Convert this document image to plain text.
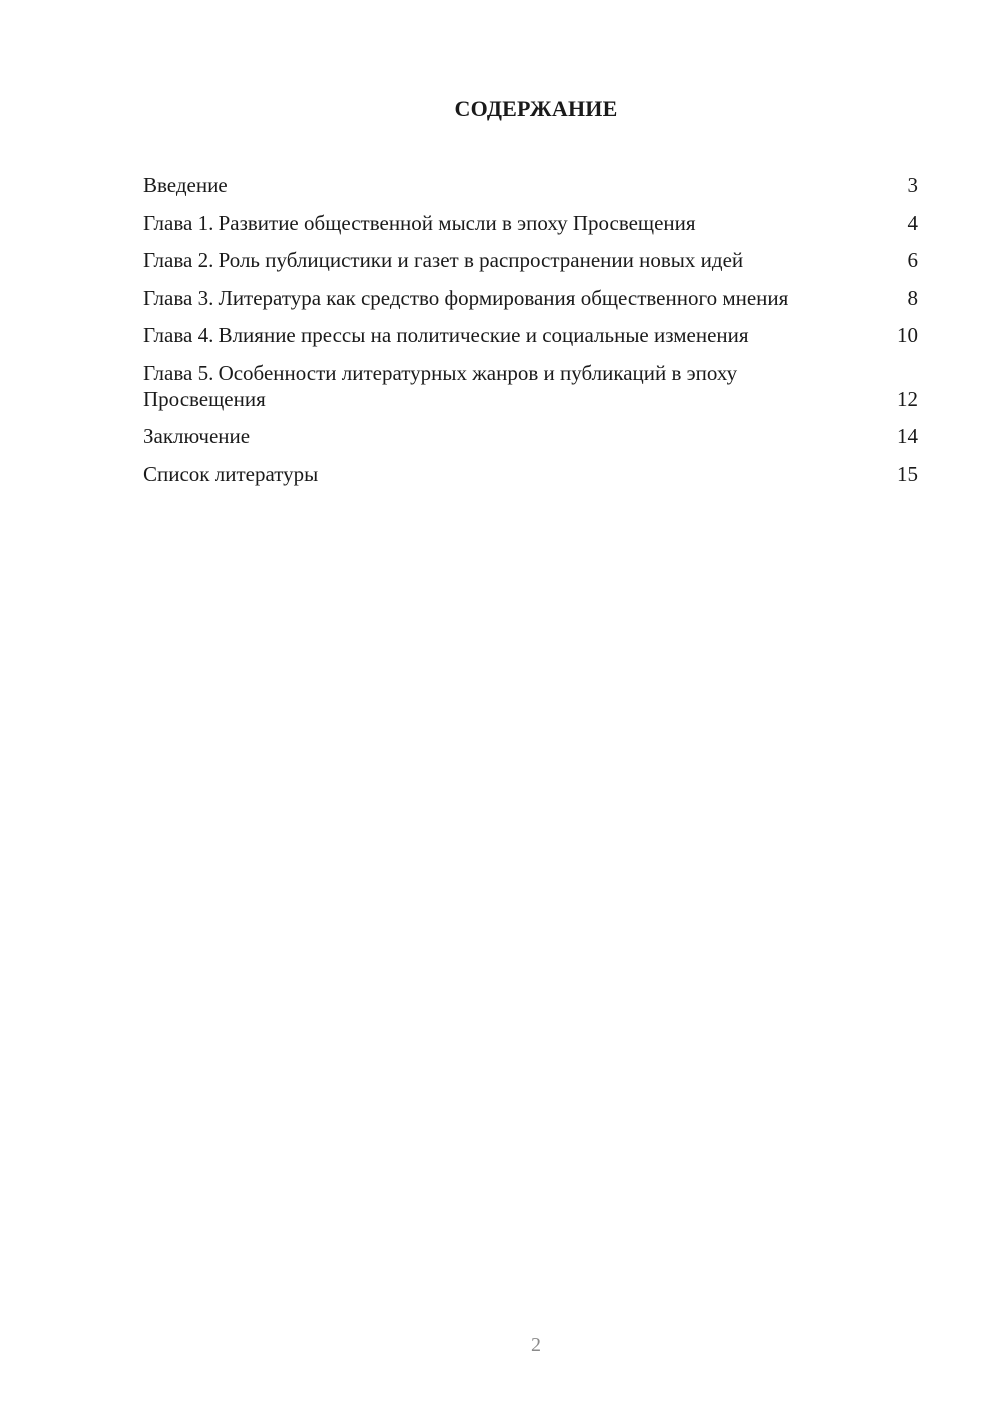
СОДЕРЖАНИЕ
Введение	3
Глава 1. Развитие общественной мысли в эпоху Просвещения	4
Глава 2. Роль публицистики и газет в распространении новых идей	6
Глава 3. Литература как средство формирования общественного мнения	8
Глава 4. Влияние прессы на политические и социальные изменения	10
Глава 5. Особенности литературных жанров и публикаций в эпоху Просвещения	12
Заключение	14
Список литературы	15
2
